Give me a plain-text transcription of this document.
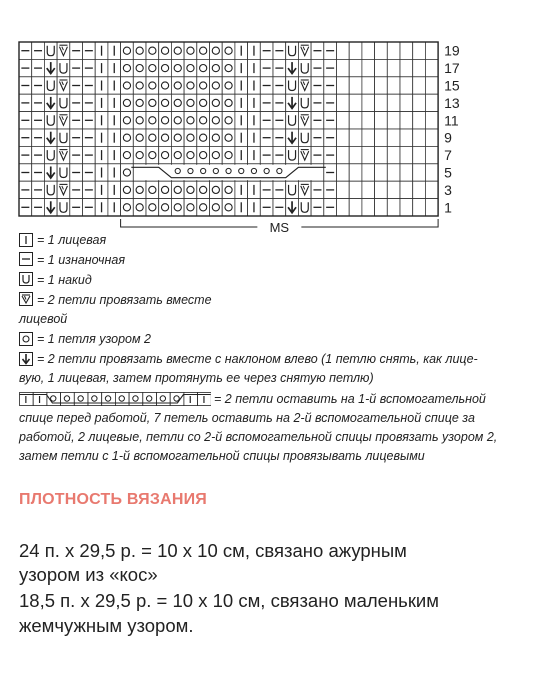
19
17
15
13
11
9
7
5
3
1
MS
= 1 лицевая
= 1 изнаночная
= 1 накид
= 2 петли провязать вместе
лицевой
= 1 петля узором 2
= 2 петли провязать вместе с наклоном влево (1 петлю снять, как лице-
вую, 1 лицевая, затем протянуть ее через снятую петлю)
= 2 петли оставить на 1-й вспомогательной
спице перед работой, 7 петель оставить на 2-й вспомогательной спице за
работой, 2 лицевые, петли со 2-й вспомогательной спицы провязать узором 2,
затем петли с 1-й вспомогательной спицы провязывать лицевыми
ПЛОТНОСТЬ ВЯЗАНИЯ
24 п. х 29,5 р. = 10 х 10 см, связано ажурным
узором из «кос»
18,5 п. х 29,5 р. = 10 х 10 см, связано маленьким
жемчужным узором.
